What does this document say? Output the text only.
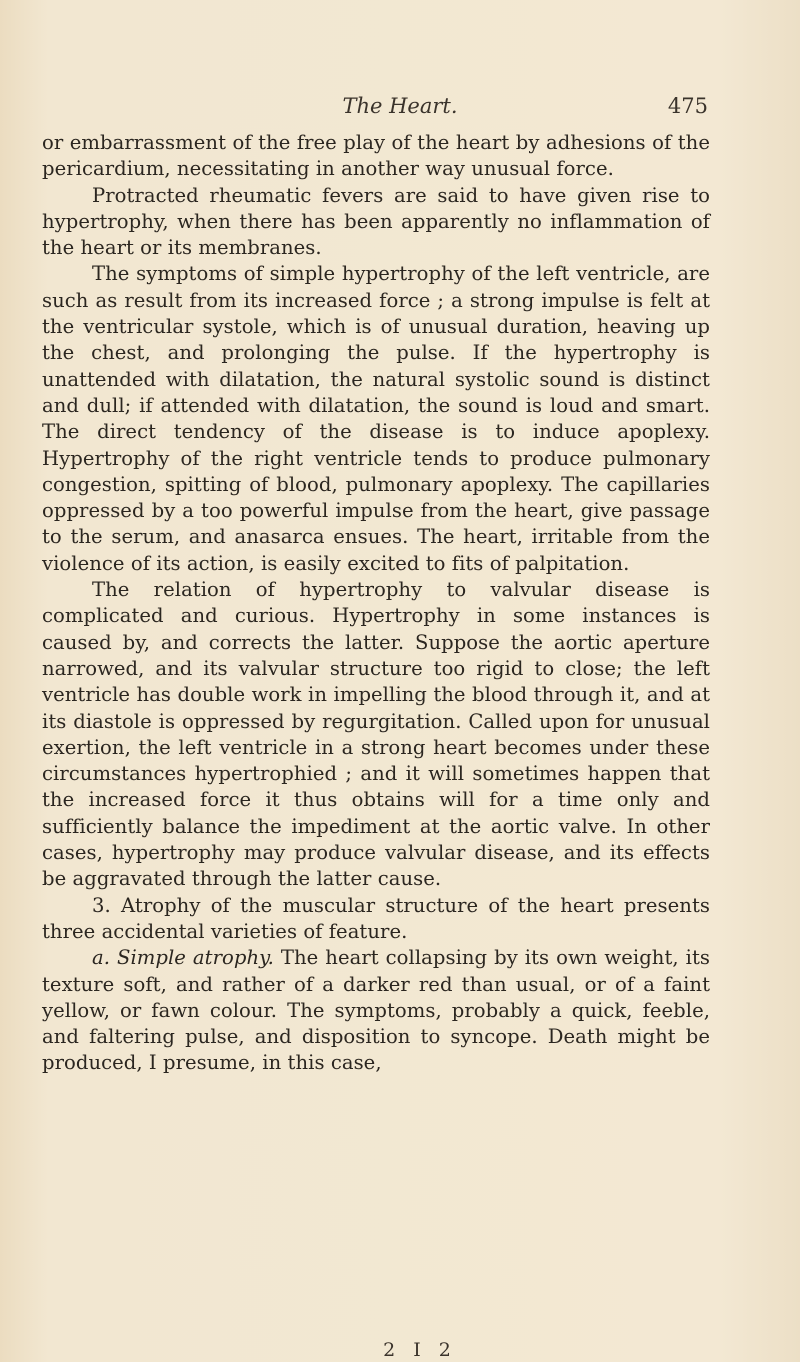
The Heart.	475

or embarrassment of the free play of the heart by adhesions of the pericardium, necessitating in another way unusual force.

Protracted rheumatic fevers are said to have given rise to hypertrophy, when there has been apparently no inflammation of the heart or its membranes.

The symptoms of simple hypertrophy of the left ventricle, are such as result from its increased force ; a strong impulse is felt at the ventricular systole, which is of unusual duration, heaving up the chest, and prolonging the pulse. If the hypertrophy is unattended with dilatation, the natural systolic sound is distinct and dull; if attended with dilatation, the sound is loud and smart. The direct tendency of the disease is to induce apoplexy. Hypertrophy of the right ventricle tends to produce pulmonary congestion, spitting of blood, pulmonary apoplexy. The capillaries oppressed by a too powerful impulse from the heart, give passage to the serum, and anasarca ensues. The heart, irritable from the violence of its action, is easily excited to fits of palpitation.

The relation of hypertrophy to valvular disease is complicated and curious. Hypertrophy in some instances is caused by, and corrects the latter. Suppose the aortic aperture narrowed, and its valvular structure too rigid to close; the left ventricle has double work in impelling the blood through it, and at its diastole is oppressed by regurgitation. Called upon for unusual exertion, the left ventricle in a strong heart becomes under these circumstances hypertrophied ; and it will sometimes happen that the increased force it thus obtains will for a time only and sufficiently balance the impediment at the aortic valve. In other cases, hypertrophy may produce valvular disease, and its effects be aggravated through the latter cause.

3. Atrophy of the muscular structure of the heart presents three accidental varieties of feature.

a. Simple atrophy. The heart collapsing by its own weight, its texture soft, and rather of a darker red than usual, or of a faint yellow, or fawn colour. The symptoms, probably a quick, feeble, and faltering pulse, and disposition to syncope. Death might be produced, I presume, in this case,

2 I 2
